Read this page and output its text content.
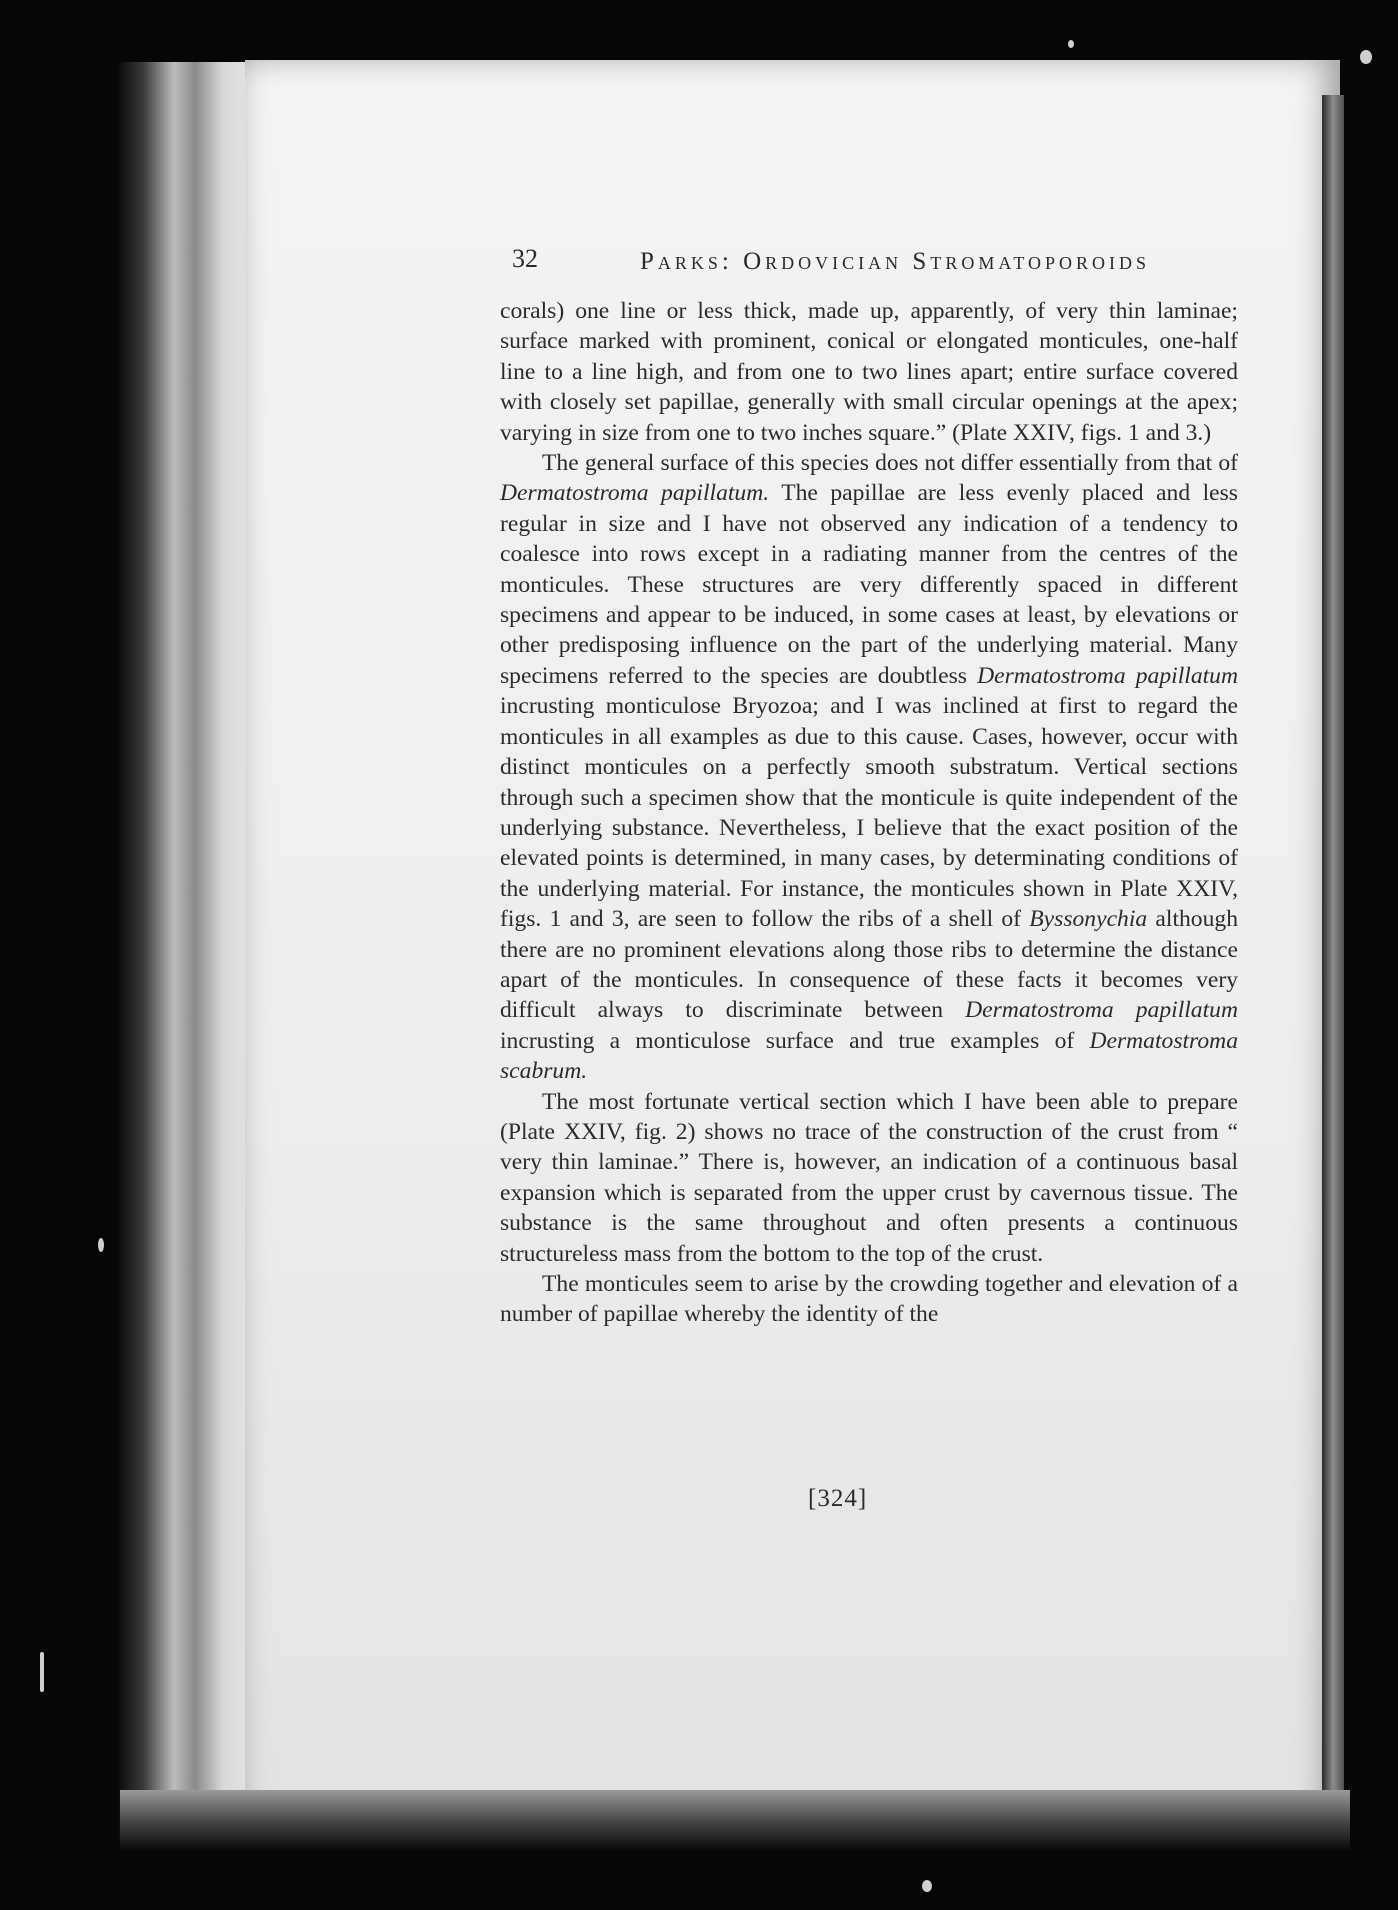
32	Parks: Ordovician Stromatoporoids

corals) one line or less thick, made up, apparently, of very thin laminae; surface marked with prominent, conical or elongated monticules, one-half line to a line high, and from one to two lines apart; entire surface covered with closely set papillae, generally with small circular openings at the apex; varying in size from one to two inches square.” (Plate XXIV, figs. 1 and 3.)

The general surface of this species does not differ essentially from that of Dermatostroma papillatum. The papillae are less evenly placed and less regular in size and I have not observed any indication of a tendency to coalesce into rows except in a radiating manner from the centres of the monticules. These structures are very differently spaced in different specimens and appear to be induced, in some cases at least, by elevations or other predisposing influence on the part of the underlying material. Many specimens referred to the species are doubtless Dermatostroma papillatum incrusting monticulose Bryozoa; and I was inclined at first to regard the monticules in all examples as due to this cause. Cases, however, occur with distinct monticules on a perfectly smooth substratum. Vertical sections through such a specimen show that the monticule is quite independent of the underlying substance. Nevertheless, I believe that the exact position of the elevated points is determined, in many cases, by determinating conditions of the underlying material. For instance, the monticules shown in Plate XXIV, figs. 1 and 3, are seen to follow the ribs of a shell of Byssonychia although there are no prominent elevations along those ribs to determine the distance apart of the monticules. In consequence of these facts it becomes very difficult always to discriminate between Dermatostroma papillatum incrusting a monticulose surface and true examples of Dermatostroma scabrum.

The most fortunate vertical section which I have been able to prepare (Plate XXIV, fig. 2) shows no trace of the construction of the crust from “ very thin laminae.” There is, however, an indication of a continuous basal expansion which is separated from the upper crust by cavernous tissue. The substance is the same throughout and often presents a continuous structureless mass from the bottom to the top of the crust.

The monticules seem to arise by the crowding together and elevation of a number of papillae whereby the identity of the

[324]
